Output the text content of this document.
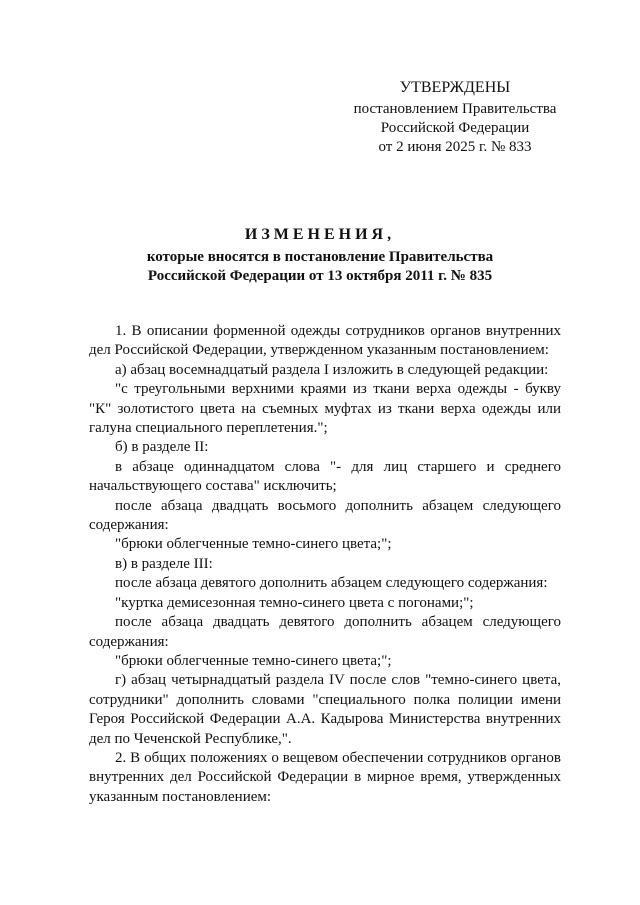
УТВЕРЖДЕНЫ
постановлением Правительства
Российской Федерации
от 2 июня 2025 г. № 833
ИЗМЕНЕНИЯ,
которые вносятся в постановление Правительства
Российской Федерации от 13 октября 2011 г. № 835

1. В описании форменной одежды сотрудников органов внутренних дел Российской Федерации, утвержденном указанным постановлением:

а) абзац восемнадцатый раздела I изложить в следующей редакции:

"с треугольными верхними краями из ткани верха одежды - букву "К" золотистого цвета на съемных муфтах из ткани верха одежды или галуна специального переплетения.";

б) в разделе II:

в абзаце одиннадцатом слова "- для лиц старшего и среднего начальствующего состава" исключить;

после абзаца двадцать восьмого дополнить абзацем следующего содержания:

"брюки облегченные темно-синего цвета;";

в) в разделе III:

после абзаца девятого дополнить абзацем следующего содержания:

"куртка демисезонная темно-синего цвета с погонами;";

после абзаца двадцать девятого дополнить абзацем следующего содержания:

"брюки облегченные темно-синего цвета;";

г) абзац четырнадцатый раздела IV после слов "темно-синего цвета, сотрудники" дополнить словами "специального полка полиции имени Героя Российской Федерации А.А. Кадырова Министерства внутренних дел по Чеченской Республике,".

2. В общих положениях о вещевом обеспечении сотрудников органов внутренних дел Российской Федерации в мирное время, утвержденных указанным постановлением:
